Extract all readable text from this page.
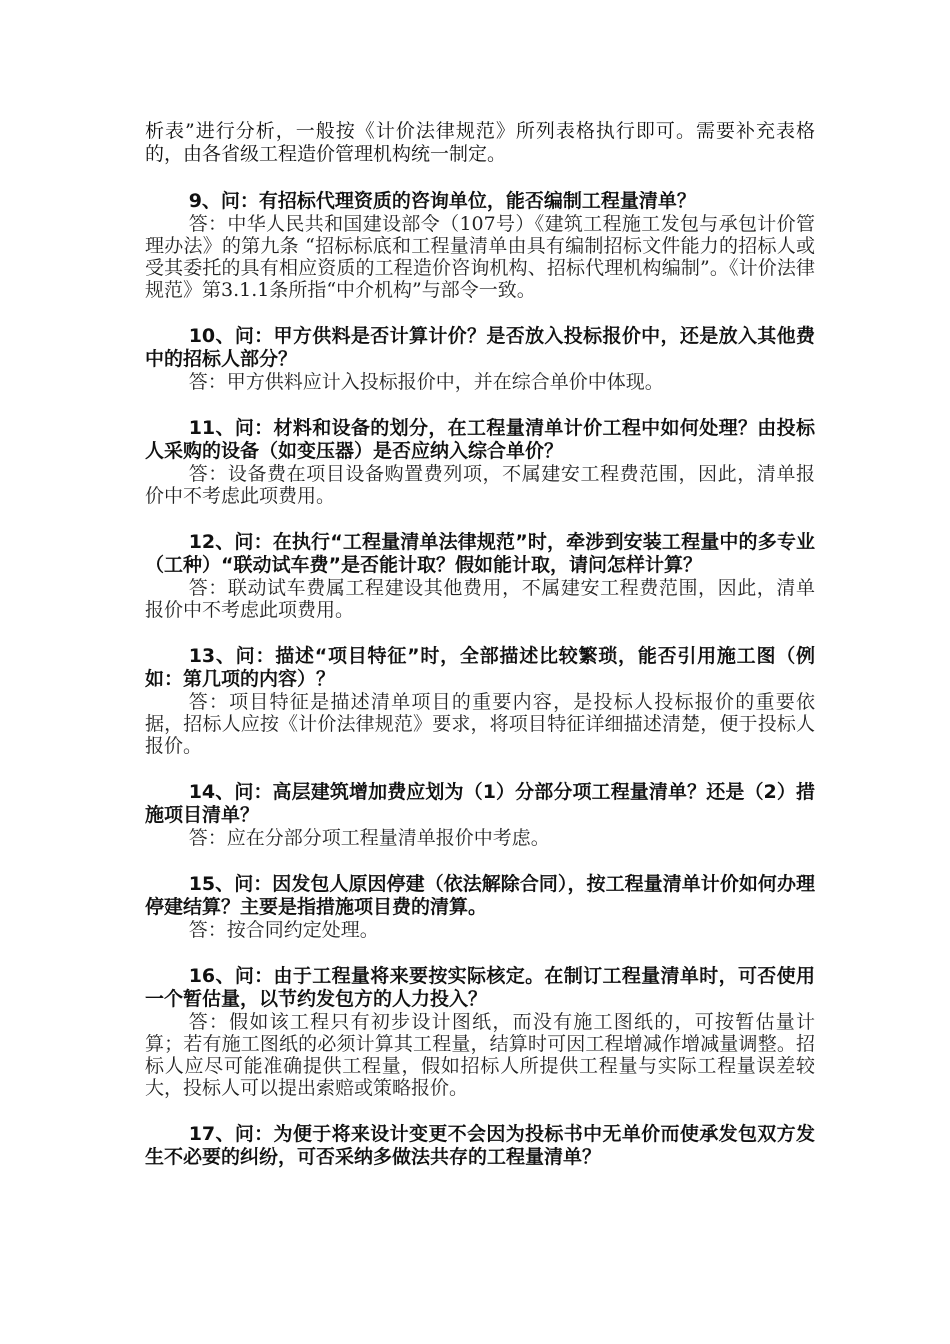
析表”进行分析，一般按《计价法律规范》所列表格执行即可。需要补充表格的，由各省级工程造价管理机构统一制定。

9、问：有招标代理资质的咨询单位，能否编制工程量清单？

答：中华人民共和国建设部令（107号）《建筑工程施工发包与承包计价管理办法》的第九条 “招标标底和工程量清单由具有编制招标文件能力的招标人或受其委托的具有相应资质的工程造价咨询机构、招标代理机构编制”。《计价法律规范》第3.1.1条所指“中介机构”与部令一致。

10、问：甲方供料是否计算计价？是否放入投标报价中，还是放入其他费中的招标人部分？

答：甲方供料应计入投标报价中，并在综合单价中体现。

11、问：材料和设备的划分，在工程量清单计价工程中如何处理？由投标人采购的设备（如变压器）是否应纳入综合单价？

答：设备费在项目设备购置费列项，不属建安工程费范围，因此，清单报价中不考虑此项费用。

12、问：在执行“工程量清单法律规范”时，牵涉到安装工程量中的多专业（工种）“联动试车费”是否能计取？假如能计取，请问怎样计算？

答：联动试车费属工程建设其他费用，不属建安工程费范围，因此，清单报价中不考虑此项费用。

13、问：描述“项目特征”时，全部描述比较繁琐，能否引用施工图（例如：第几项的内容）？

答：项目特征是描述清单项目的重要内容，是投标人投标报价的重要依据，招标人应按《计价法律规范》要求，将项目特征详细描述清楚，便于投标人报价。

14、问：高层建筑增加费应划为（1）分部分项工程量清单？还是（2）措施项目清单？

答：应在分部分项工程量清单报价中考虑。

15、问：因发包人原因停建（依法解除合同），按工程量清单计价如何办理停建结算？主要是指措施项目费的清算。

答：按合同约定处理。

16、问：由于工程量将来要按实际核定。在制订工程量清单时，可否使用一个暂估量，以节约发包方的人力投入？

答：假如该工程只有初步设计图纸，而没有施工图纸的，可按暂估量计算；若有施工图纸的必须计算其工程量，结算时可因工程增减作增减量调整。招标人应尽可能准确提供工程量，假如招标人所提供工程量与实际工程量误差较大，投标人可以提出索赔或策略报价。

17、问：为便于将来设计变更不会因为投标书中无单价而使承发包双方发生不必要的纠纷，可否采纳多做法共存的工程量清单？
